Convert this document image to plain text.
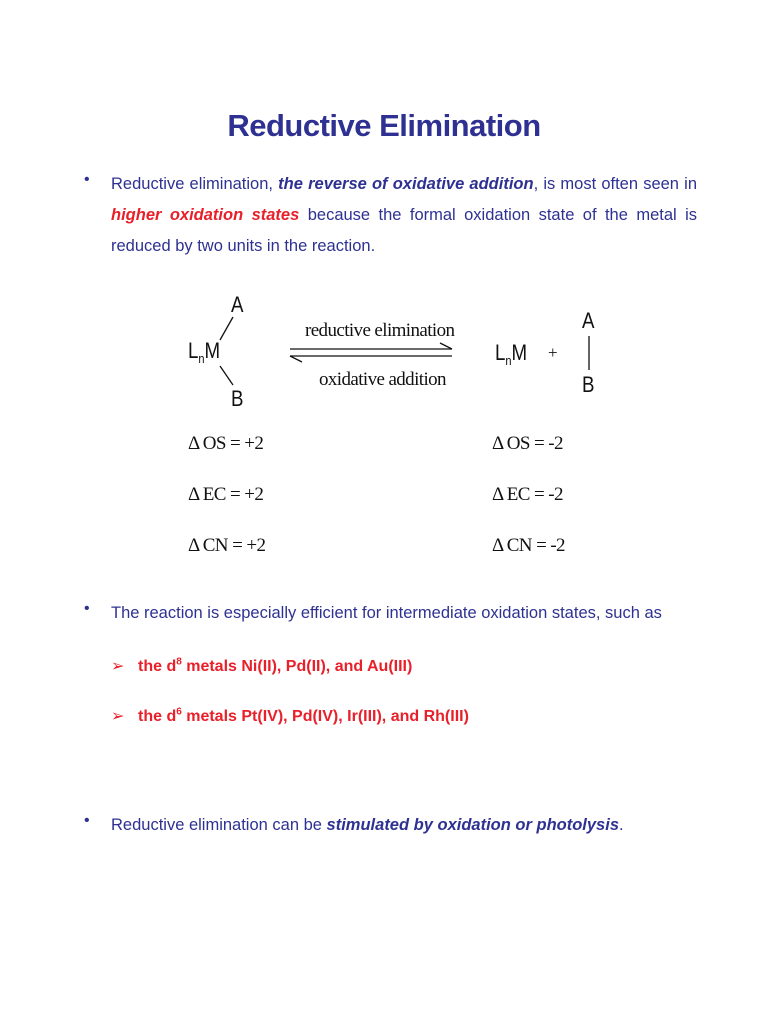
Reductive Elimination
• Reductive elimination, the reverse of oxidative addition, is most often seen in higher oxidation states because the formal oxidation state of the metal is reduced by two units in the reaction.
$L_nM$
A
B
reductive elimination
oxidative addition
$L_nM$ +
A
B
Δ OS = +2
Δ EC = +2
Δ CN = +2
Δ OS = -2
Δ EC = -2
Δ CN = -2
• The reaction is especially efficient for intermediate oxidation states, such as
➢ the $d^8$ metals Ni(II), Pd(II), and Au(III)
➢ the $d^6$ metals Pt(IV), Pd(IV), Ir(III), and Rh(III)
• Reductive elimination can be stimulated by oxidation or photolysis.
